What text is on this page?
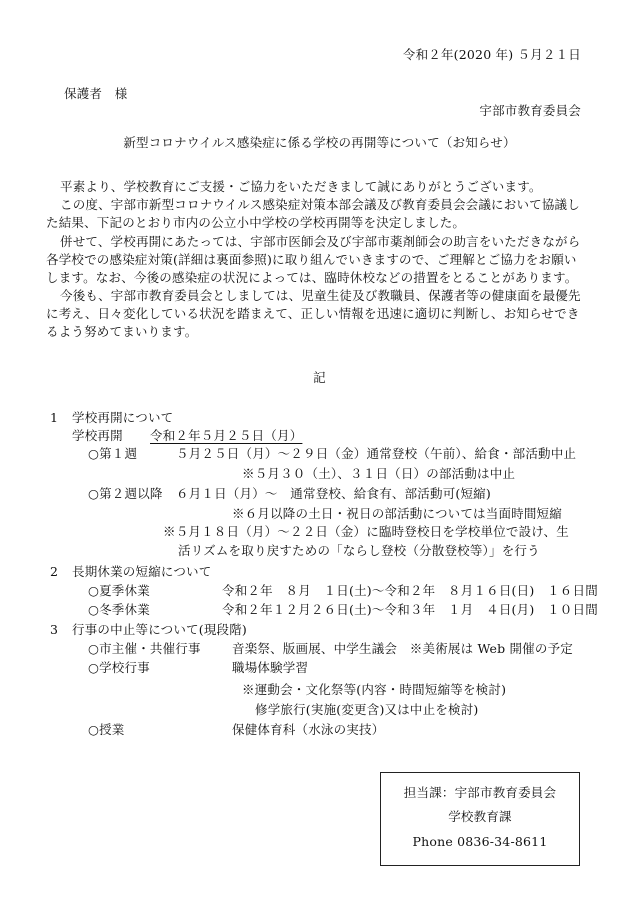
令和２年(2020 年) ５月２１日
保護者　様
宇部市教育委員会
新型コロナウイルス感染症に係る学校の再開等について（お知らせ）
平素より、学校教育にご支援・ご協力をいただきまして誠にありがとうございます。
この度、宇部市新型コロナウイルス感染症対策本部会議及び教育委員会会議において協議し
た結果、下記のとおり市内の公立小中学校の学校再開等を決定しました。
併せて、学校再開にあたっては、宇部市医師会及び宇部市薬剤師会の助言をいただきながら
各学校での感染症対策(詳細は裏面参照)に取り組んでいきますので、ご理解とご協力をお願い
します。なお、今後の感染症の状況によっては、臨時休校などの措置をとることがあります。
今後も、宇部市教育委員会としましては、児童生徒及び教職員、保護者等の健康面を最優先
に考え、日々変化している状況を踏まえて、正しい情報を迅速に適切に判断し、お知らせでき
るよう努めてまいります。
記
1 学校再開について
学校再開 令和２年５月２５日（月）
○第１週	５月２５日（月）～２９日（金）通常登校（午前）、給食・部活動中止
※５月３０（土）、３１日（日）の部活動は中止
○第２週以降 ６月１日（月）～　通常登校、給食有、部活動可(短縮)
※６月以降の土日・祝日の部活動については当面時間短縮
※５月１８日（月）～２２日（金）に臨時登校日を学校単位で設け、生
活リズムを取り戻すための「ならし登校（分散登校等）」を行う
2 長期休業の短縮について
○夏季休業	令和２年　８月　１日(土)～令和２年　８月１６日(日)　１６日間
○冬季休業	令和２年１２月２６日(土)～令和３年　１月　４日(月)　１０日間
3 行事の中止等について(現段階)
○市主催・共催行事	音楽祭、版画展、中学生議会　※美術展は Web 開催の予定
○学校行事	職場体験学習
※運動会・文化祭等(内容・時間短縮等を検討)
修学旅行(実施(変更含)又は中止を検討)
○授業	保健体育科（水泳の実技）
担当課：宇部市教育委員会
学校教育課
Phone 0836-34-8611
